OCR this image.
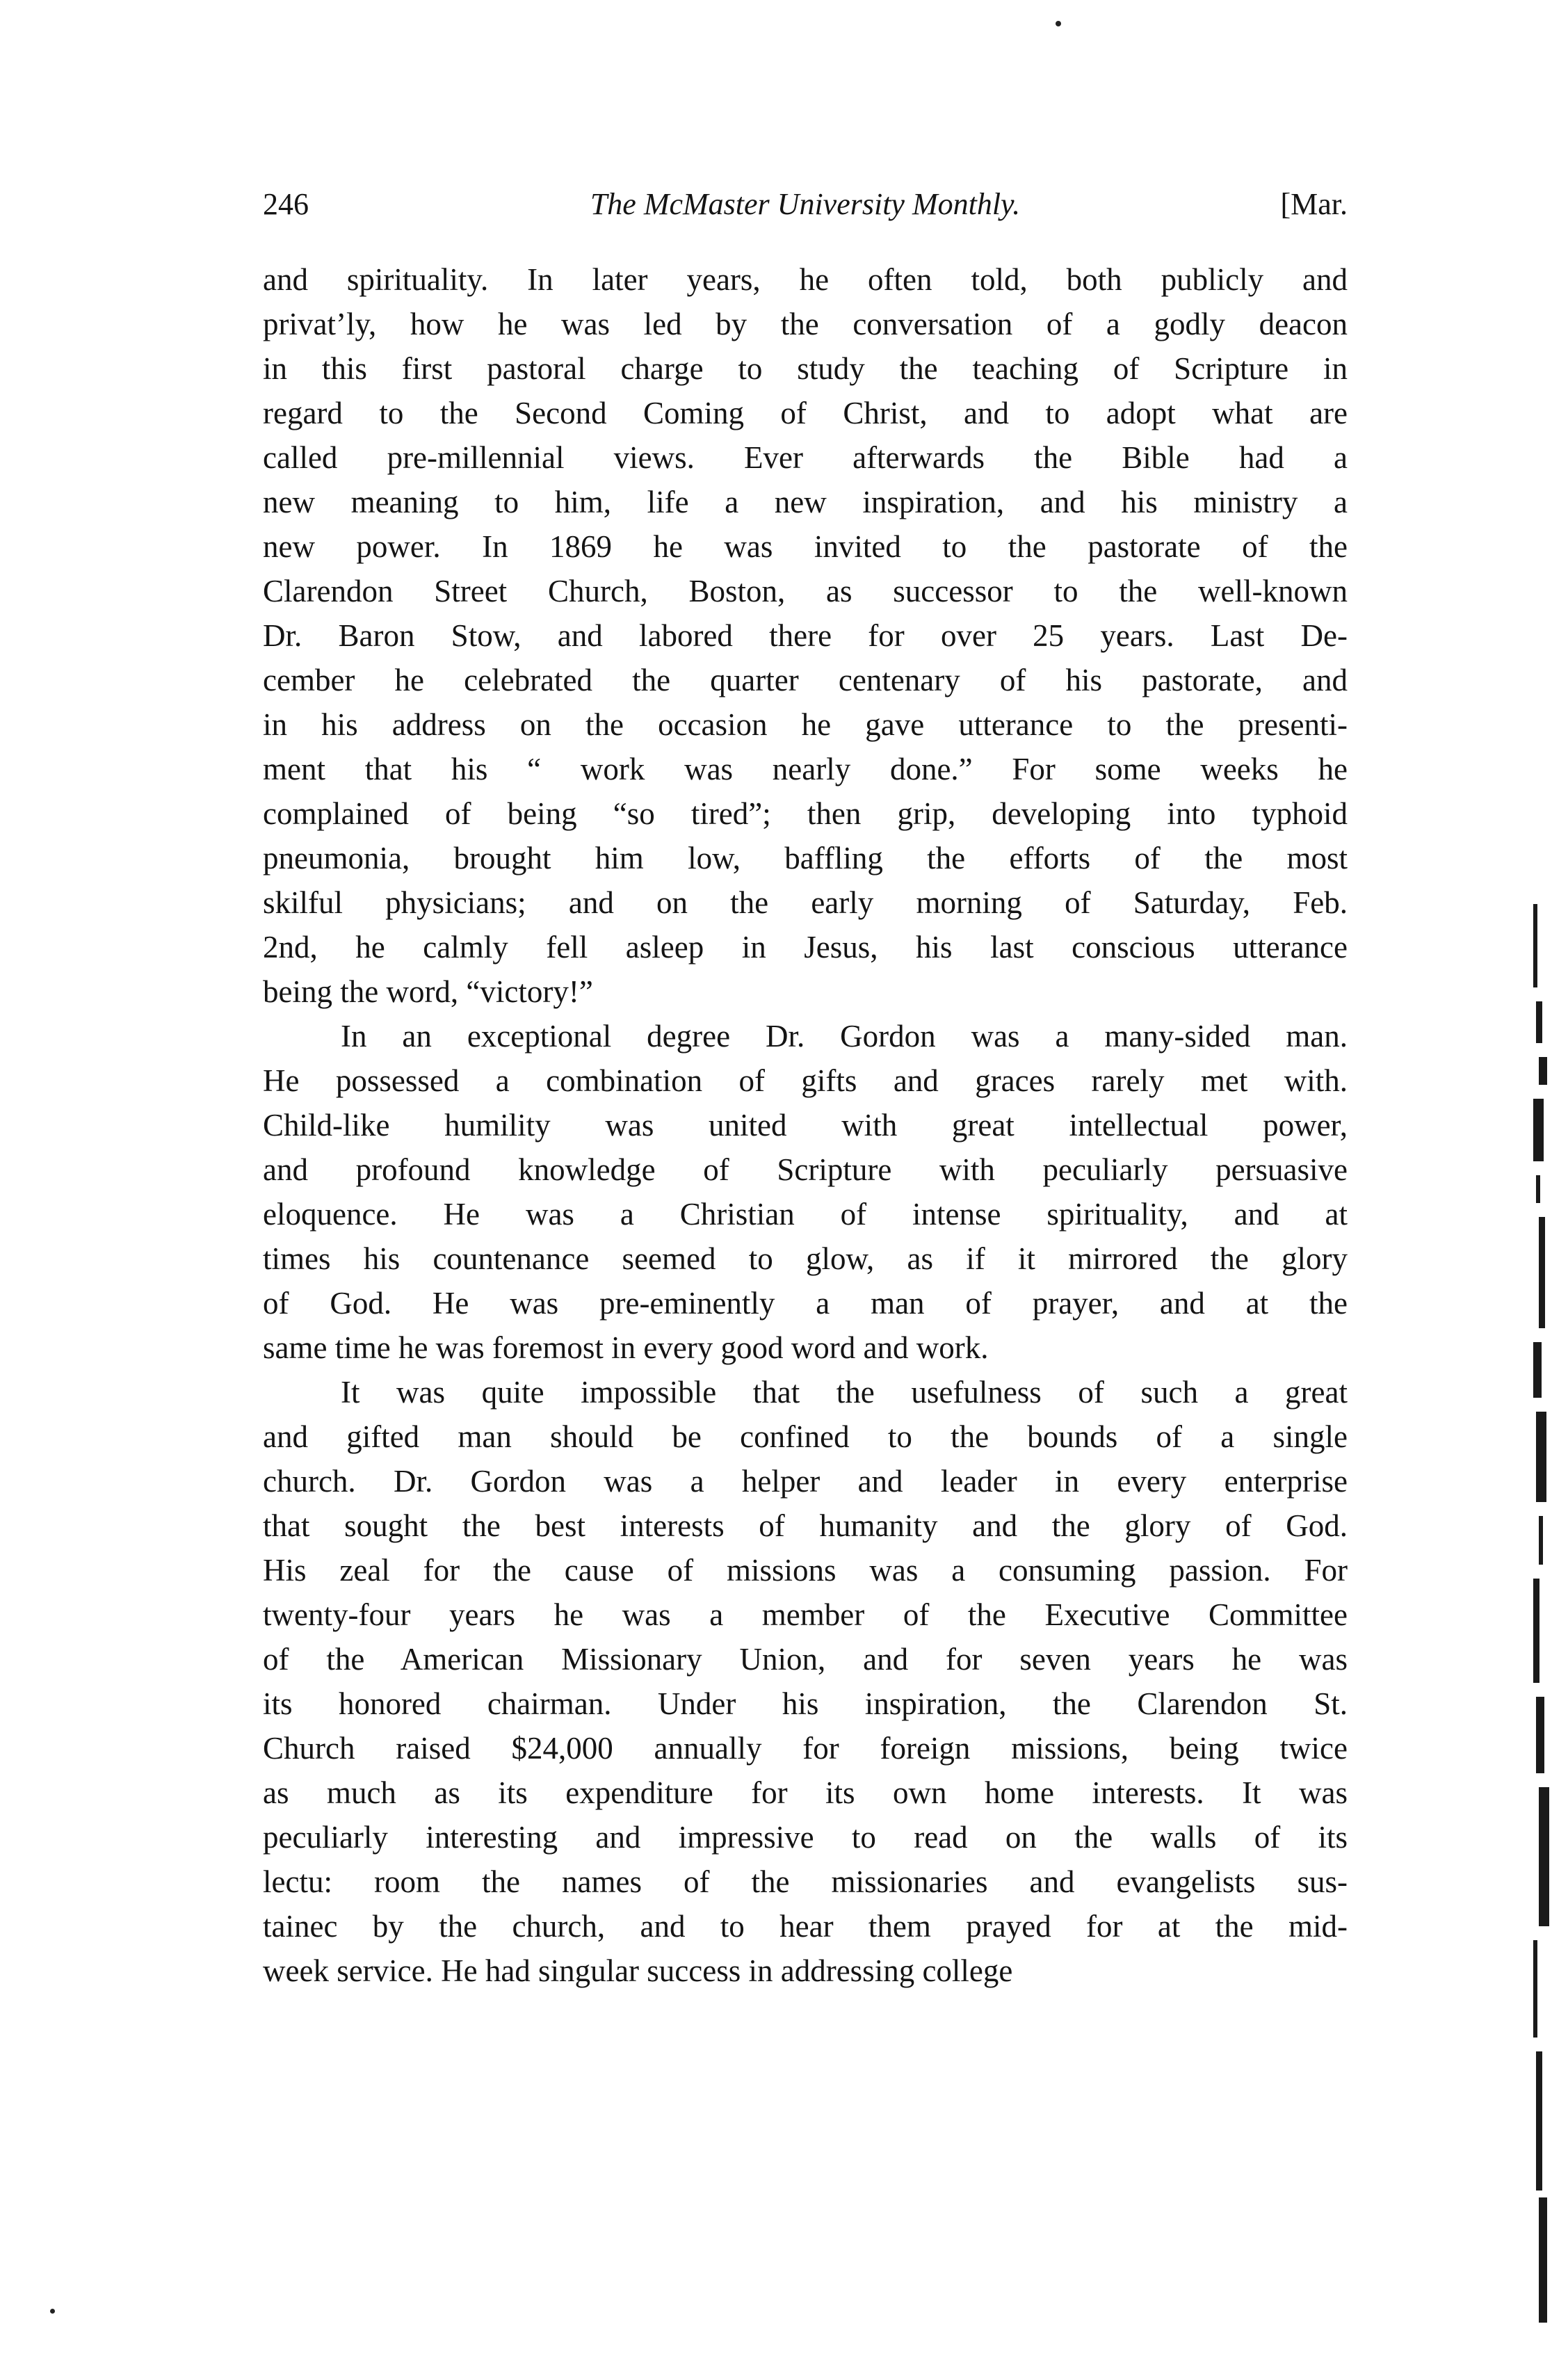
246	The McMaster University Monthly.	[Mar.
and spirituality. In later years, he often told, both publicly and
privat’ly, how he was led by the conversation of a godly deacon
in this first pastoral charge to study the teaching of Scripture in
regard to the Second Coming of Christ, and to adopt what are
called pre-millennial views. Ever afterwards the Bible had a
new meaning to him, life a new inspiration, and his ministry a
new power. In 1869 he was invited to the pastorate of the
Clarendon Street Church, Boston, as successor to the well-known
Dr. Baron Stow, and labored there for over 25 years. Last De-
cember he celebrated the quarter centenary of his pastorate, and
in his address on the occasion he gave utterance to the presenti-
ment that his “ work was nearly done.” For some weeks he
complained of being “so tired”; then grip, developing into typhoid
pneumonia, brought him low, baffling the efforts of the most
skilful physicians; and on the early morning of Saturday, Feb.
2nd, he calmly fell asleep in Jesus, his last conscious utterance
being the word, “victory!”
In an exceptional degree Dr. Gordon was a many-sided man.
He possessed a combination of gifts and graces rarely met with.
Child-like humility was united with great intellectual power,
and profound knowledge of Scripture with peculiarly persuasive
eloquence. He was a Christian of intense spirituality, and at
times his countenance seemed to glow, as if it mirrored the glory
of God. He was pre-eminently a man of prayer, and at the
same time he was foremost in every good word and work.
It was quite impossible that the usefulness of such a great
and gifted man should be confined to the bounds of a single
church. Dr. Gordon was a helper and leader in every enterprise
that sought the best interests of humanity and the glory of God.
His zeal for the cause of missions was a consuming passion. For
twenty-four years he was a member of the Executive Committee
of the American Missionary Union, and for seven years he was
its honored chairman. Under his inspiration, the Clarendon St.
Church raised $24,000 annually for foreign missions, being twice
as much as its expenditure for its own home interests. It was
peculiarly interesting and impressive to read on the walls of its
lectu: room the names of the missionaries and evangelists sus-
tainec by the church, and to hear them prayed for at the mid-
week service. He had singular success in addressing college
